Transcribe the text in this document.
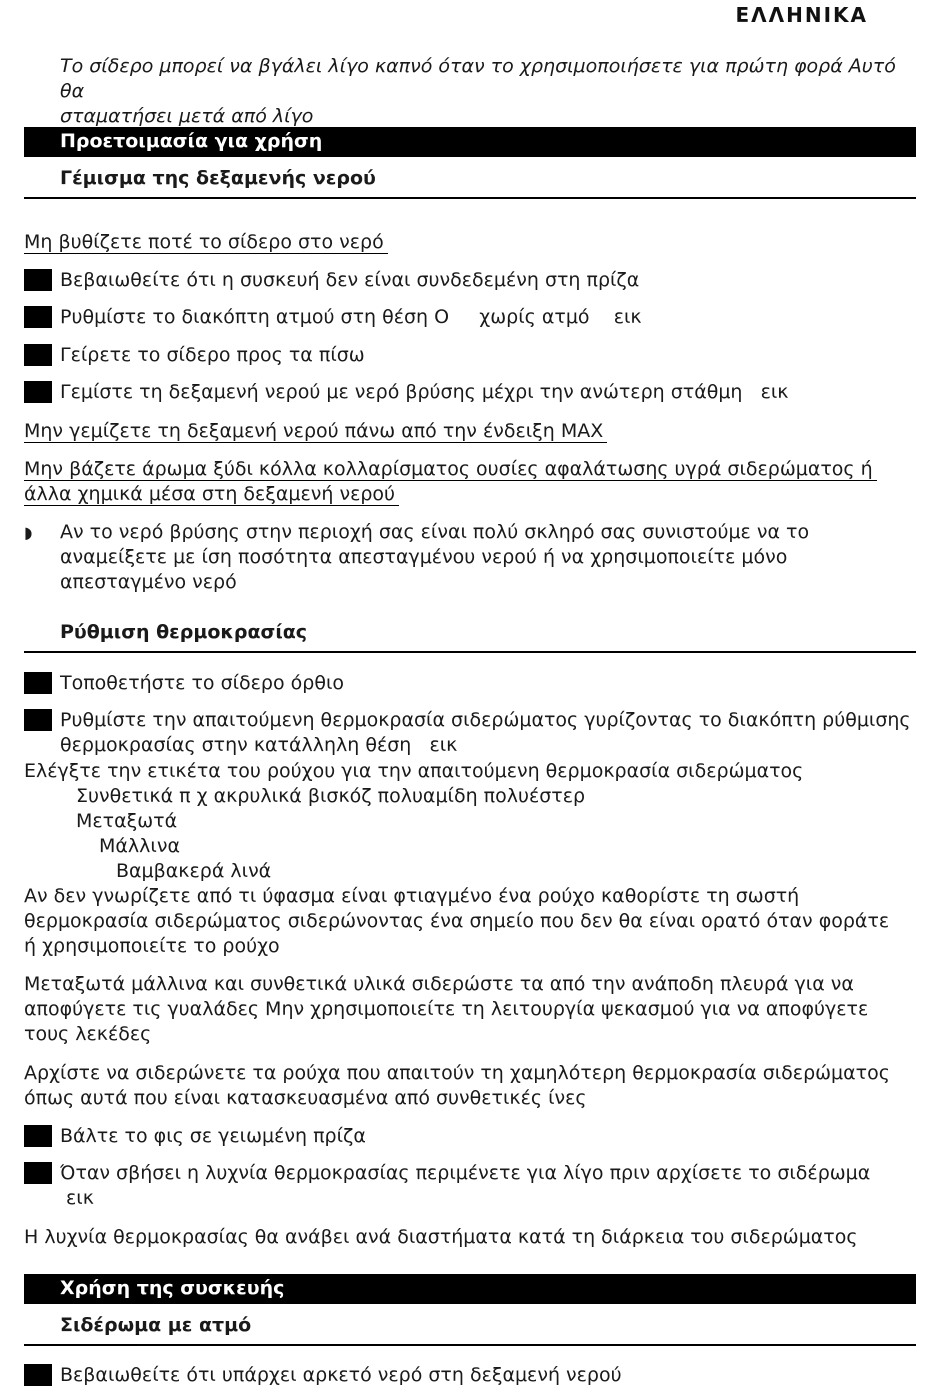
ΕΛΛΗΝΙΚΑ
Το σίδερο μπορεί να βγάλει λίγο καπνό όταν το χρησιμοποιήσετε για πρώτη φορά Αυτό θα
σταματήσει μετά από λίγο
Προετοιμασία για χρήση
Γέμισμα της δεξαμενής νερού
Μη βυθίζετε ποτέ το σίδερο στο νερό
Βεβαιωθείτε ότι η συσκευή δεν είναι συνδεδεμένη στη πρίζα
Ρυθμίστε το διακόπτη ατμού στη θέση O     χωρίς ατμό    εικ
Γείρετε το σίδερο προς τα πίσω
Γεμίστε τη δεξαμενή νερού με νερό βρύσης μέχρι την ανώτερη στάθμη   εικ
Μην γεμίζετε τη δεξαμενή νερού πάνω από την ένδειξη MAX
Μην βάζετε άρωμα ξύδι κόλλα κολλαρίσματος ουσίες αφαλάτωσης υγρά σιδερώματος ή
άλλα χημικά μέσα στη δεξαμενή νερού
◗ Αν το νερό βρύσης στην περιοχή σας είναι πολύ σκληρό σας συνιστούμε να το
αναμείξετε με ίση ποσότητα απεσταγμένου νερού ή να χρησιμοποιείτε μόνο
απεσταγμένο νερό
Ρύθμιση θερμοκρασίας
Τοποθετήστε το σίδερο όρθιο
Ρυθμίστε την απαιτούμενη θερμοκρασία σιδερώματος γυρίζοντας το διακόπτη ρύθμισης
θερμοκρασίας στην κατάλληλη θέση   εικ
Ελέγξτε την ετικέτα του ρούχου για την απαιτούμενη θερμοκρασία σιδερώματος
Συνθετικά π χ ακρυλικά βισκόζ πολυαμίδη πολυέστερ
Μεταξωτά
Μάλλινα
Βαμβακερά λινά
Αν δεν γνωρίζετε από τι ύφασμα είναι φτιαγμένο ένα ρούχο καθορίστε τη σωστή
θερμοκρασία σιδερώματος σιδερώνοντας ένα σημείο που δεν θα είναι ορατό όταν φοράτε
ή χρησιμοποιείτε το ρούχο
Μεταξωτά μάλλινα και συνθετικά υλικά σιδερώστε τα από την ανάποδη πλευρά για να
αποφύγετε τις γυαλάδες Μην χρησιμοποιείτε τη λειτουργία ψεκασμού για να αποφύγετε
τους λεκέδες
Αρχίστε να σιδερώνετε τα ρούχα που απαιτούν τη χαμηλότερη θερμοκρασία σιδερώματος
όπως αυτά που είναι κατασκευασμένα από συνθετικές ίνες
Βάλτε το φις σε γειωμένη πρίζα
Όταν σβήσει η λυχνία θερμοκρασίας περιμένετε για λίγο πριν αρχίσετε το σιδέρωμα
εικ
Η λυχνία θερμοκρασίας θα ανάβει ανά διαστήματα κατά τη διάρκεια του σιδερώματος
Χρήση της συσκευής
Σιδέρωμα με ατμό
Βεβαιωθείτε ότι υπάρχει αρκετό νερό στη δεξαμενή νερού
